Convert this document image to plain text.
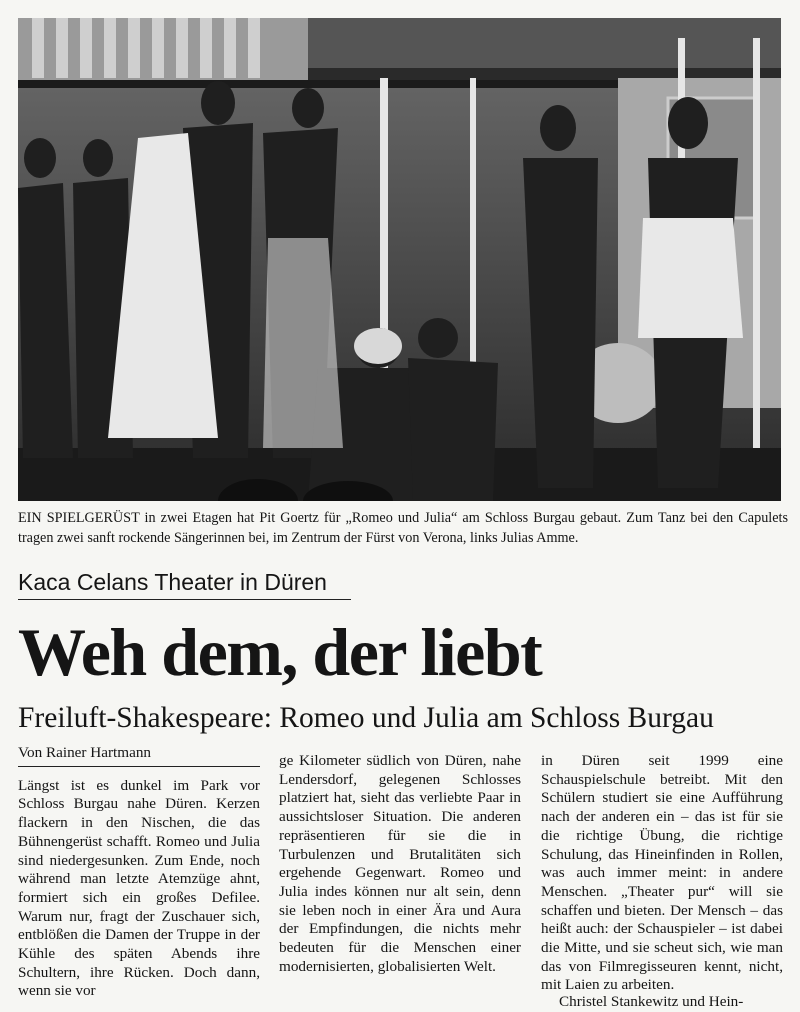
EIN SPIELGERÜST in zwei Etagen hat Pit Goertz für „Romeo und Julia“ am Schloss Burgau gebaut. Zum Tanz bei den Capulets tragen zwei sanft rockende Sängerinnen bei, im Zentrum der Fürst von Verona, links Julias Amme.
Kaca Celans Theater in Düren
Weh dem, der liebt
Freiluft-Shakespeare: Romeo und Julia am Schloss Burgau
Von Rainer Hartmann

Längst ist es dunkel im Park vor Schloss Burgau nahe Düren. Kerzen flackern in den Nischen, die das Bühnengerüst schafft. Romeo und Julia sind niedergesunken. Zum Ende, noch während man letzte Atemzüge ahnt, formiert sich ein großes Defilee. Warum nur, fragt der Zuschauer sich, entblößen die Damen der Truppe in der Kühle des späten Abends ihre Schultern, ihre Rücken. Doch dann, wenn sie vor

ge Kilometer südlich von Düren, nahe Lendersdorf, gelegenen Schlosses platziert hat, sieht das verliebte Paar in aussichtsloser Situation. Die anderen repräsentieren für sie die in Turbulenzen und Brutalitäten sich ergehende Gegenwart. Romeo und Julia indes können nur alt sein, denn sie leben noch in einer Ära und Aura der Empfindungen, die nichts mehr bedeuten für die Menschen einer modernisierten, globalisierten Welt.

in Düren seit 1999 eine Schauspielschule betreibt. Mit den Schülern studiert sie eine Aufführung nach der anderen ein – das ist für sie die richtige Übung, die richtige Schulung, das Hineinfinden in Rollen, was auch immer meint: in andere Menschen. „Theater pur“ will sie schaffen und bieten. Der Mensch – das heißt auch: der Schauspieler – ist dabei die Mitte, und sie scheut sich, wie man das von Filmregisseuren kennt, nicht, mit Laien zu arbeiten.

Christel Stankewitz und Hein-
